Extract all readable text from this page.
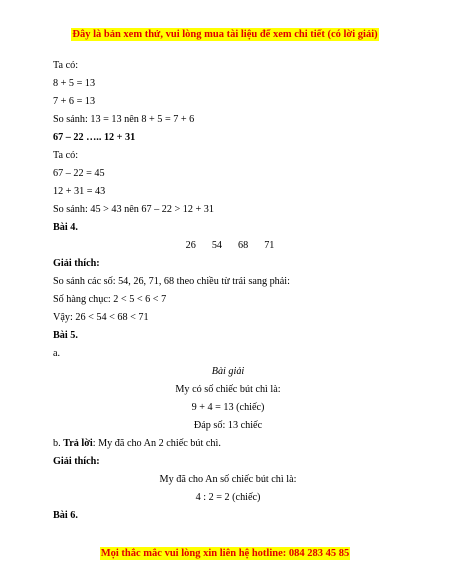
Đây là bản xem thử, vui lòng mua tài liệu để xem chi tiết (có lời giải)
Ta có:
8 + 5 = 13
7 + 6 = 13
So sánh: 13 = 13 nên 8 + 5 = 7 + 6
67 – 22 ….. 12 + 31
Ta có:
67 – 22 = 45
12 + 31 = 43
So sánh: 45 > 43 nên 67 – 22 > 12 + 31
Bài 4.
26 54 68 71
Giải thích:
So sánh các số: 54, 26, 71, 68 theo chiều từ trái sang phải:
Số hàng chục: 2 < 5 < 6 < 7
Vậy: 26 < 54 < 68 < 71
Bài 5.
a.
Bài giải
My có số chiếc bút chì là:
9 + 4 = 13 (chiếc)
Đáp số: 13 chiếc
b. Trả lời: My đã cho An 2 chiếc bút chì.
Giải thích:
My đã cho An số chiếc bút chì là:
4 : 2 = 2 (chiếc)
Bài 6.
Mọi thắc mắc vui lòng xin liên hệ hotline: 084 283 45 85
